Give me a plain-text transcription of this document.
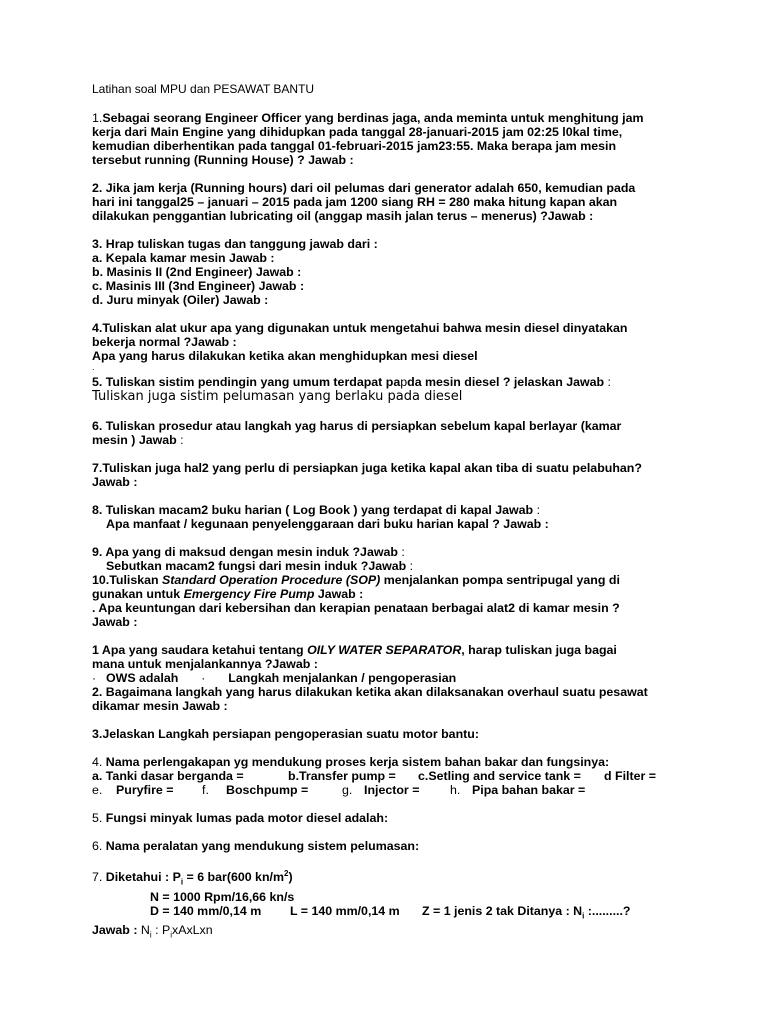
Latihan soal MPU dan PESAWAT BANTU
1.Sebagai seorang Engineer Officer yang berdinas jaga, anda meminta untuk menghitung jam
kerja dari Main Engine yang dihidupkan pada tanggal 28-januari-2015 jam 02:25 l0kal time,
kemudian diberhentikan pada tanggal 01-februari-2015 jam23:55. Maka berapa jam mesin
tersebut running (Running House) ? Jawab :
2. Jika jam kerja (Running hours) dari oil pelumas dari generator adalah 650, kemudian pada
hari ini tanggal25 – januari – 2015 pada jam 1200 siang RH = 280 maka hitung kapan akan
dilakukan penggantian lubricating oil (anggap masih jalan terus – menerus) ?Jawab :
3. Hrap tuliskan tugas dan tanggung jawab dari :
a. Kepala kamar mesin Jawab :
b. Masinis II (2nd Engineer) Jawab :
c. Masinis III (3nd Engineer) Jawab :
d. Juru minyak (Oiler) Jawab :
4.Tuliskan alat ukur apa yang digunakan untuk mengetahui bahwa mesin diesel dinyatakan
bekerja normal ?Jawab :
Apa yang harus dilakukan ketika akan menghidupkan mesi diesel
.
5. Tuliskan sistim pendingin yang umum terdapat papda mesin diesel ? jelaskan Jawab :
Tuliskan juga sistim pelumasan yang berlaku pada diesel
6. Tuliskan prosedur atau langkah yag harus di persiapkan sebelum kapal berlayar (kamar
mesin ) Jawab :
7.Tuliskan juga hal2 yang perlu di persiapkan juga ketika kapal akan tiba di suatu pelabuhan?
Jawab :
8. Tuliskan macam2 buku harian ( Log Book ) yang terdapat di kapal Jawab :
Apa manfaat / kegunaan penyelenggaraan dari buku harian kapal ? Jawab :
9. Apa yang di maksud dengan mesin induk ?Jawab :
Sebutkan macam2 fungsi dari mesin induk ?Jawab :
10.Tuliskan Standard Operation Procedure (SOP) menjalankan pompa sentripugal yang di
gunakan untuk Emergency Fire Pump Jawab :
. Apa keuntungan dari kebersihan dan kerapian penataan berbagai alat2 di kamar mesin ?
Jawab :
1 Apa yang saudara ketahui tentang OILY WATER SEPARATOR, harap tuliskan juga bagai
mana untuk menjalankannya ?Jawab :
· OWS adalah · Langkah menjalankan / pengoperasian
2. Bagaimana langkah yang harus dilakukan ketika akan dilaksanakan overhaul suatu pesawat
dikamar mesin Jawab :
3.Jelaskan Langkah persiapan pengoperasian suatu motor bantu:
4. Nama perlengakapan yg mendukung proses kerja sistem bahan bakar dan fungsinya:
a. Tanki dasar berganda =	b.Transfer pump = c.Setling and service tank = d Filter =
e. Puryfire = f. Boschpump =	g. Injector = h. Pipa bahan bakar =
5. Fungsi minyak lumas pada motor diesel adalah:
6. Nama peralatan yang mendukung sistem pelumasan:
7. Diketahui : $P_i = 6$ bar(600 $kn/m^2$)
N = 1000 Rpm/16,66 kn/s
D = 140 mm/0,14 m L = 140 mm/0,14 m Z = 1 jenis 2 tak Ditanya : $N_i$ :.........?
Jawab : $N_i$ : $P_ixAxLxn$
